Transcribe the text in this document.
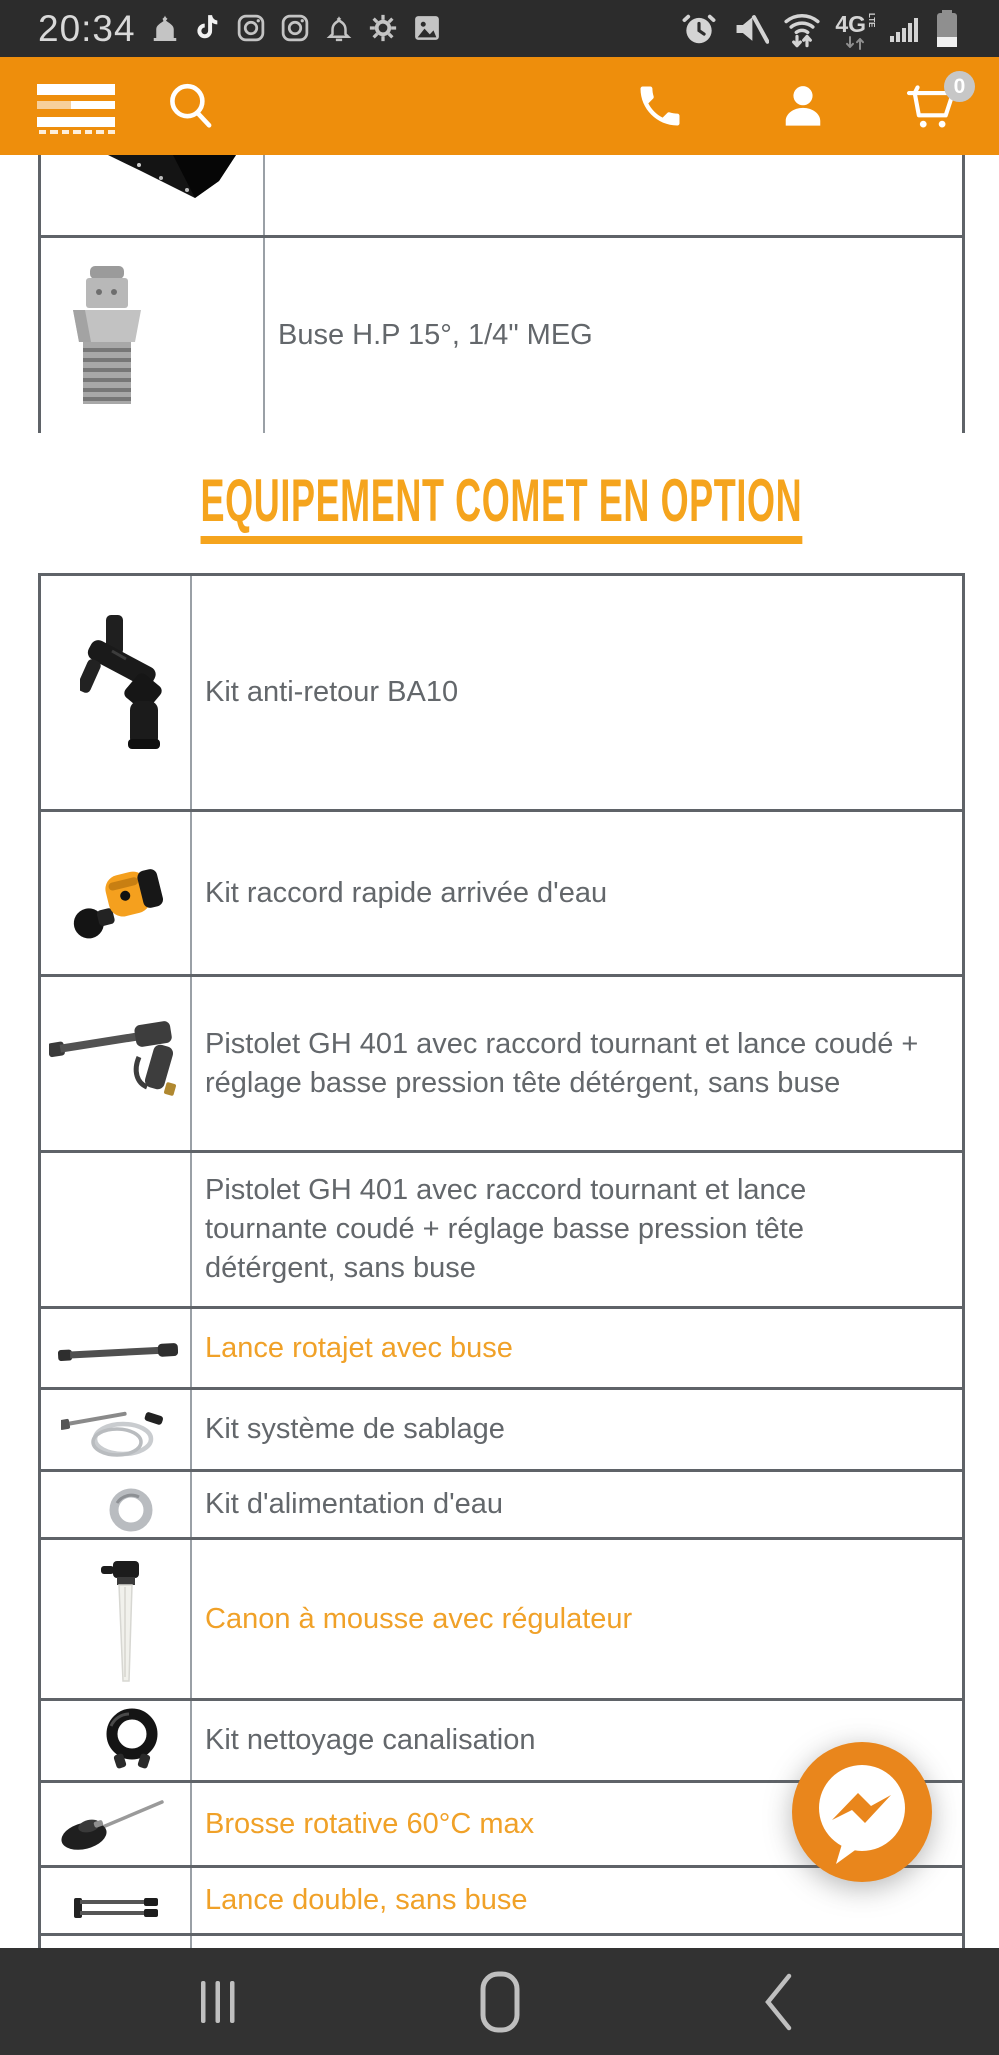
20:34	4G LTE
0
Buse H.P 15°, 1/4" MEG
EQUIPEMENT COMET EN OPTION
Kit anti-retour BA10
Kit raccord rapide arrivée d'eau
Pistolet GH 401 avec raccord tournant et lance coudé + réglage basse pression tête détérgent, sans buse
Pistolet GH 401 avec raccord tournant et lance tournante coudé + réglage basse pression tête détérgent, sans buse
Lance rotajet avec buse
Kit système de sablage
Kit d'alimentation d'eau
Canon à mousse avec régulateur
Kit nettoyage canalisation
Brosse rotative 60°C max
Lance double, sans buse
